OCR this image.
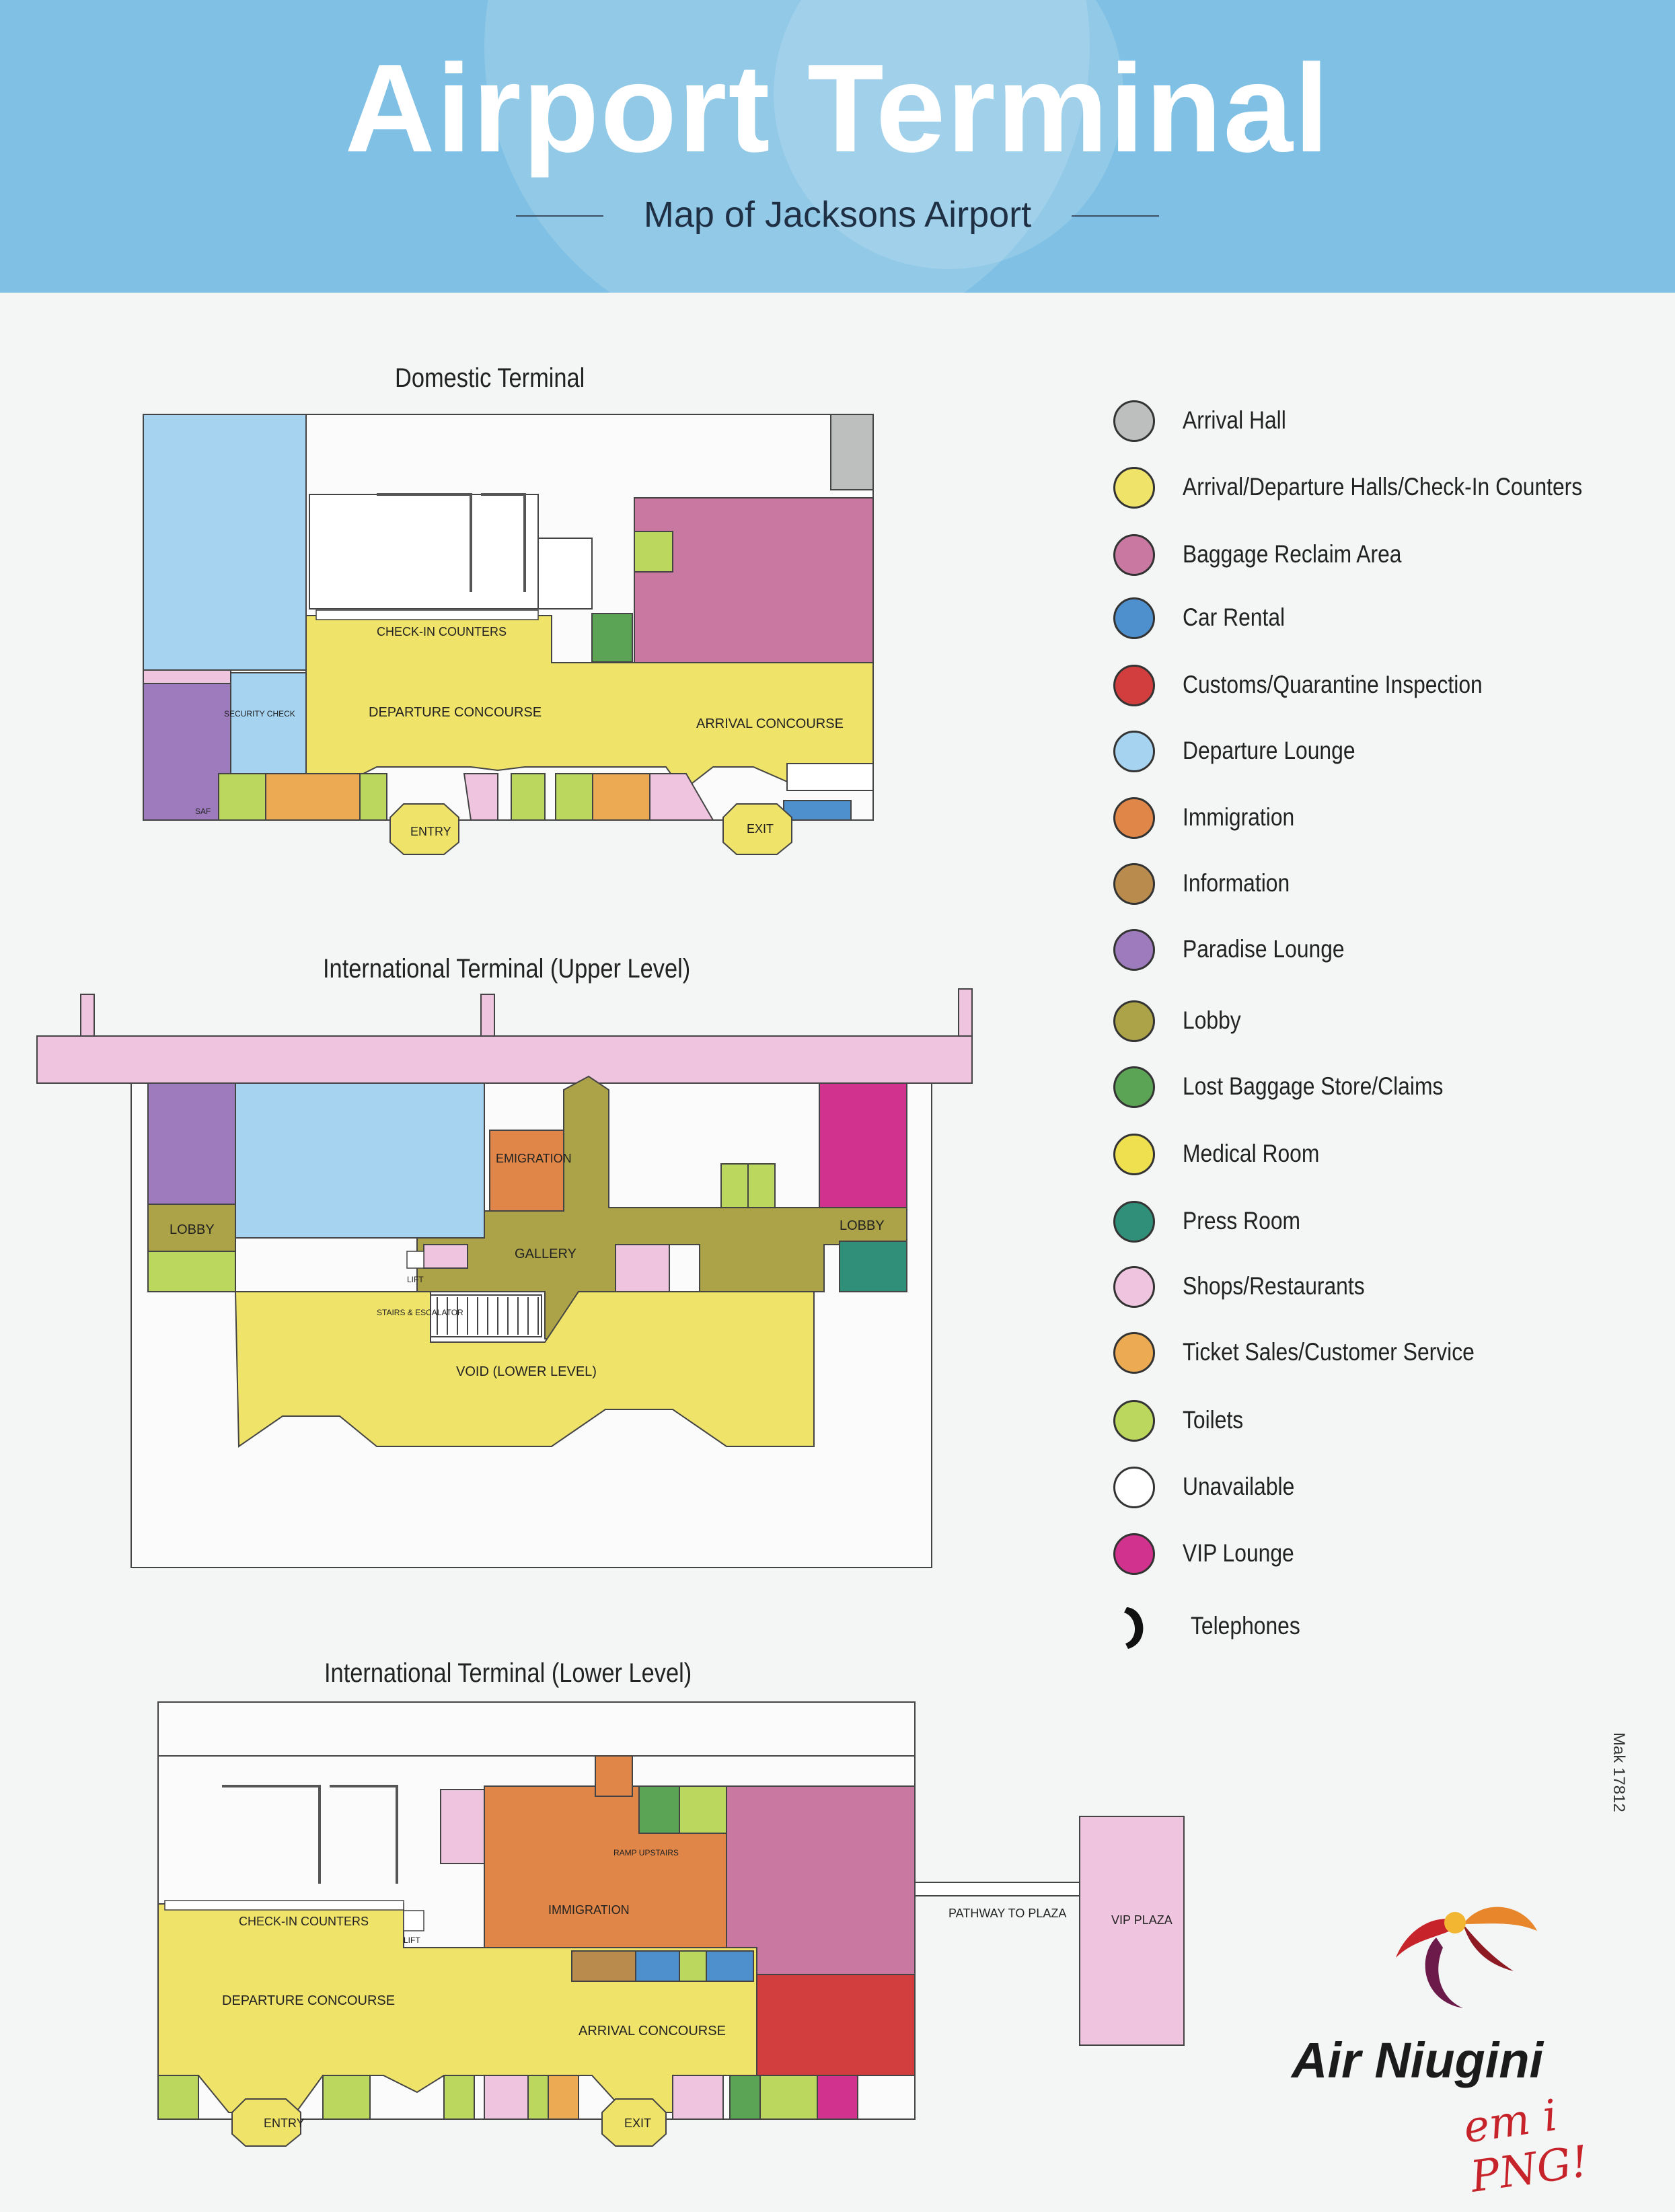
Airport Terminal
Map of Jacksons Airport
Domestic Terminal
CHECK-IN COUNTERS
DEPARTURE CONCOURSE
ARRIVAL CONCOURSE
SECURITY CHECK
SAF
ENTRY	EXIT
LOBBY	LOBBY
EMIGRATION
GALLERY
LIFT
STAIRS & ESCALATOR
VOID (LOWER LEVEL)
CHECK-IN COUNTERS
LIFT
RAMP UPSTAIRS
IMMIGRATION
DEPARTURE CONCOURSE
ARRIVAL CONCOURSE
ENTRY	EXIT
PATHWAY TO PLAZA	VIP PLAZA
International Terminal (Upper Level)
International Terminal (Lower Level)
Arrival Hall
Arrival/Departure Halls/Check-In Counters
Baggage Reclaim Area
Car Rental
Customs/Quarantine Inspection
Departure Lounge
Immigration
Information
Paradise Lounge
Lobby
Lost Baggage Store/Claims
Medical Room
Press Room
Shops/Restaurants
Ticket Sales/Customer Service
Toilets
Unavailable
VIP Lounge
Telephones
Air Niugini
em i PNG!
Mak 17812
